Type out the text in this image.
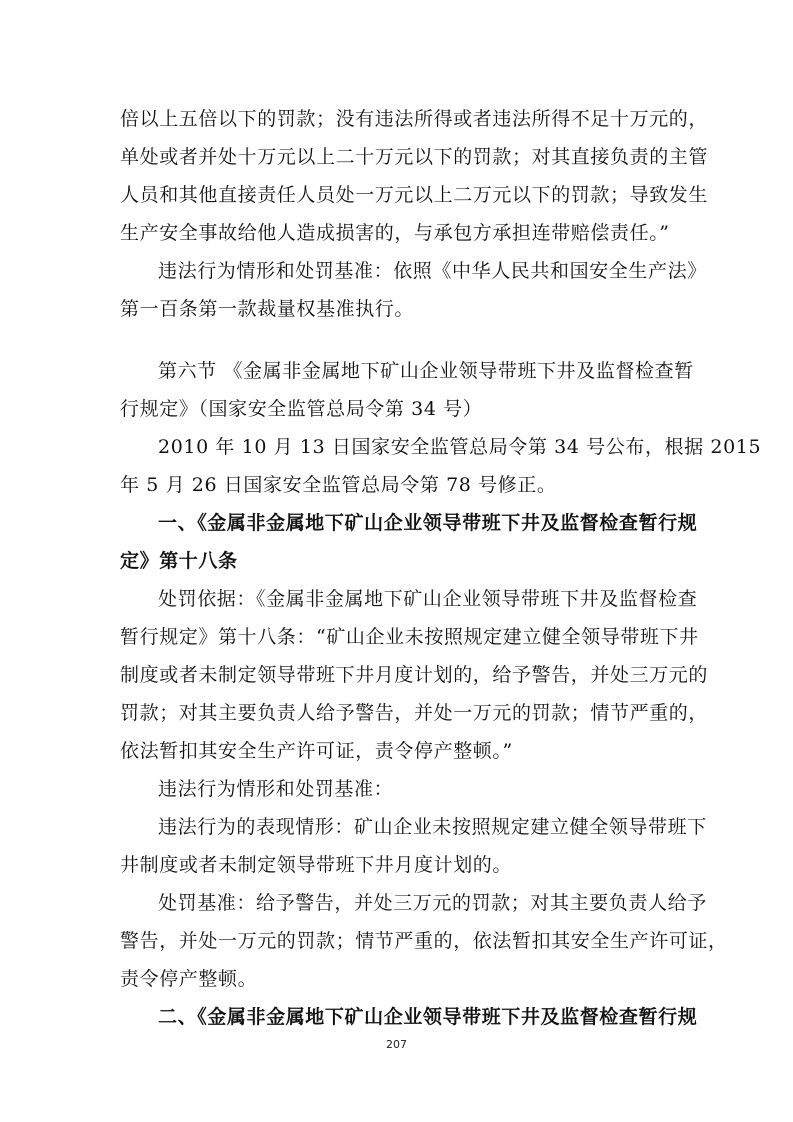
倍以上五倍以下的罚款；没有违法所得或者违法所得不足十万元的，
单处或者并处十万元以上二十万元以下的罚款；对其直接负责的主管
人员和其他直接责任人员处一万元以上二万元以下的罚款；导致发生
生产安全事故给他人造成损害的，与承包方承担连带赔偿责任。”
违法行为情形和处罚基准：依照《中华人民共和国安全生产法》
第一百条第一款裁量权基准执行。
第六节 《金属非金属地下矿山企业领导带班下井及监督检查暂
行规定》（国家安全监管总局令第 34 号）
2010 年 10 月 13 日国家安全监管总局令第 34 号公布，根据 2015
年 5 月 26 日国家安全监管总局令第 78 号修正。
一、《金属非金属地下矿山企业领导带班下井及监督检查暂行规
定》第十八条
处罚依据：《金属非金属地下矿山企业领导带班下井及监督检查
暂行规定》第十八条：“矿山企业未按照规定建立健全领导带班下井
制度或者未制定领导带班下井月度计划的，给予警告，并处三万元的
罚款；对其主要负责人给予警告，并处一万元的罚款；情节严重的，
依法暂扣其安全生产许可证，责令停产整顿。”
违法行为情形和处罚基准：
违法行为的表现情形：矿山企业未按照规定建立健全领导带班下
井制度或者未制定领导带班下井月度计划的。
处罚基准：给予警告，并处三万元的罚款；对其主要负责人给予
警告，并处一万元的罚款；情节严重的，依法暂扣其安全生产许可证，
责令停产整顿。
二、《金属非金属地下矿山企业领导带班下井及监督检查暂行规
207
